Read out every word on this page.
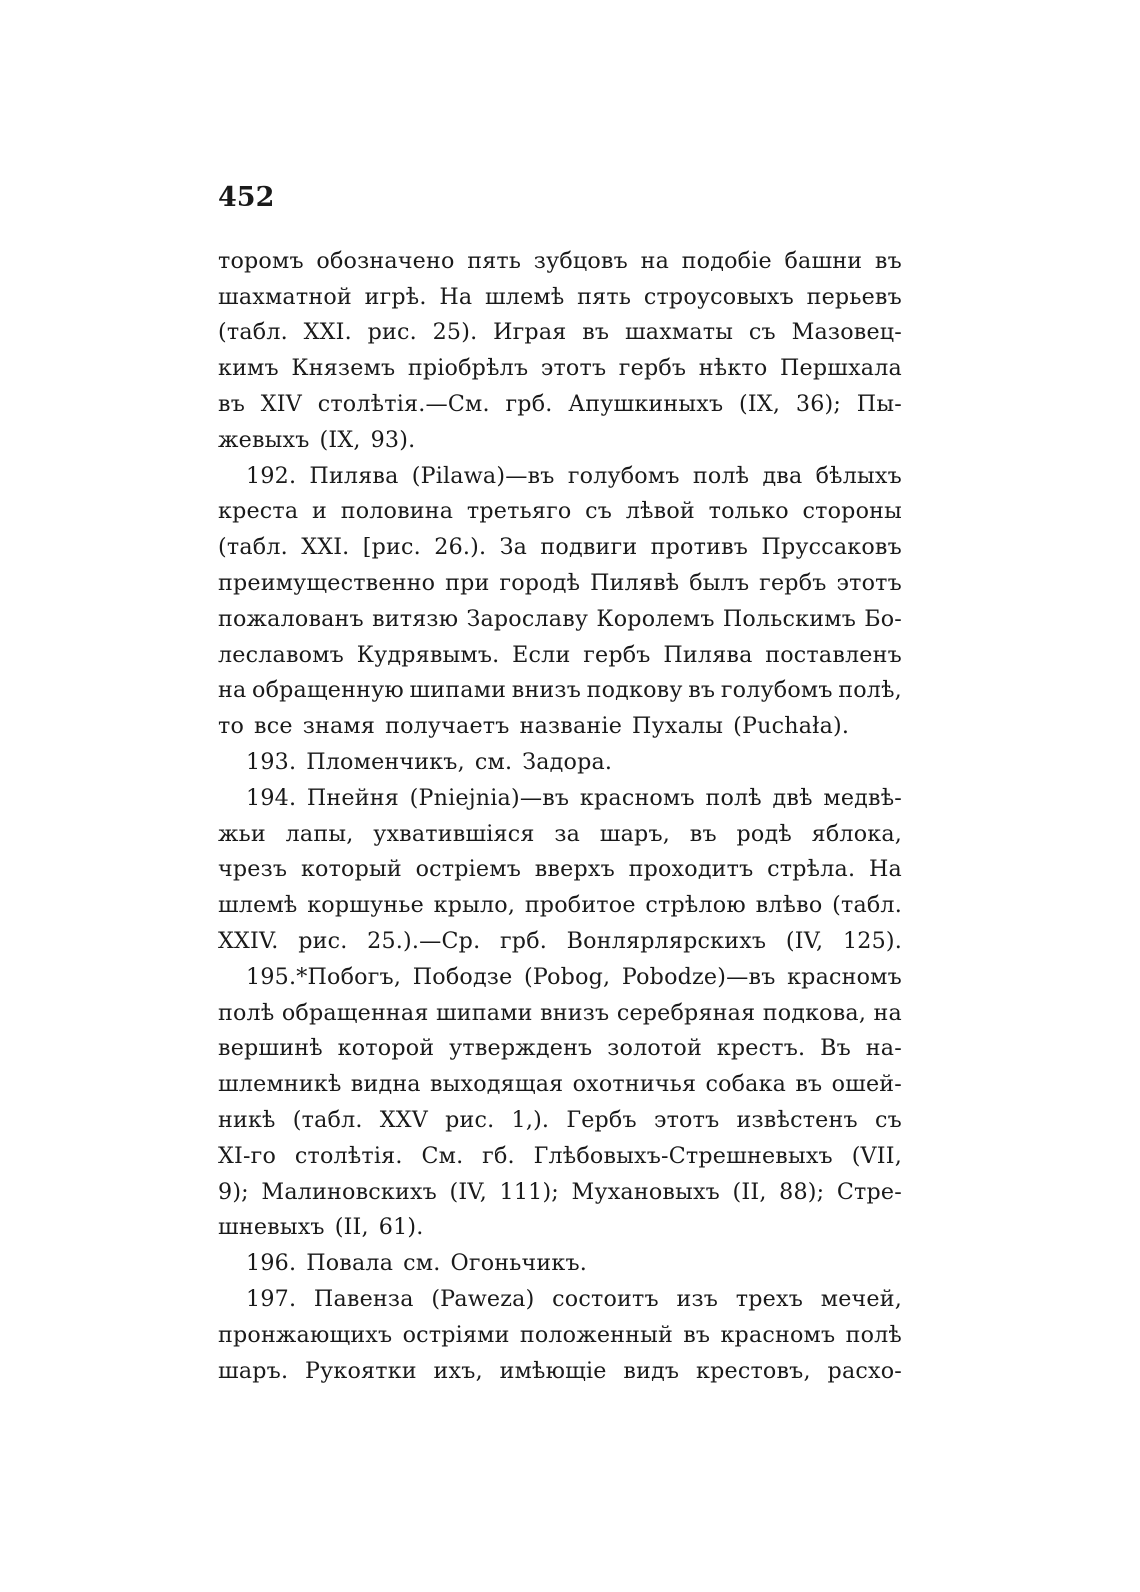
452
торомъ обозначено пять зубцовъ на подобіе башни въ
шахматной игрѣ. На шлемѣ пять строусовыхъ перьевъ
(табл. XXI. рис. 25). Играя въ шахматы съ Мазовец-
кимъ Княземъ пріобрѣлъ этотъ гербъ нѣкто Першхала
въ XIV столѣтія.—См. грб. Апушкиныхъ (IX, 36); Пы-
жевыхъ (IX, 93).
192. Пилява (Pilawa)—въ голубомъ полѣ два бѣлыхъ
креста и половина третьяго съ лѣвой только стороны
(табл. XXI. [рис. 26.). За подвиги противъ Пруссаковъ
преимущественно при городѣ Пилявѣ былъ гербъ этотъ
пожалованъ витязю Зарославу Королемъ Польскимъ Бо-
леславомъ Кудрявымъ. Если гербъ Пилява поставленъ
на обращенную шипами внизъ подкову въ голубомъ полѣ,
то все знамя получаетъ названіе Пухалы (Puchała).
193. Пломенчикъ, см. Задора.
194. Пнейня (Pniejnia)—въ красномъ полѣ двѣ медвѣ-
жьи лапы, ухватившіяся за шаръ, въ родѣ яблока,
чрезъ который остріемъ вверхъ проходитъ стрѣла. На
шлемѣ коршунье крыло, пробитое стрѣлою влѣво (табл.
XXIV. рис. 25.).—Ср. грб. Вонлярлярскихъ (IV, 125).
195.*Побогъ, Пободзе (Pobog, Pobodze)—въ красномъ
полѣ обращенная шипами внизъ серебряная подкова, на
вершинѣ которой утвержденъ золотой крестъ. Въ на-
шлемникѣ видна выходящая охотничья собака въ ошей-
никѣ (табл. XXV рис. 1,). Гербъ этотъ извѣстенъ съ
XI-го столѣтія. См. гб. Глѣбовыхъ-Стрешневыхъ (VII,
9); Малиновскихъ (IV, 111); Мухановыхъ (II, 88); Стре-
шневыхъ (II, 61).
196. Повала см. Огоньчикъ.
197. Павенза (Paweza) состоитъ изъ трехъ мечей,
пронжающихъ остріями положенный въ красномъ полѣ
шаръ. Рукоятки ихъ, имѣющіе видъ крестовъ, расхо-
